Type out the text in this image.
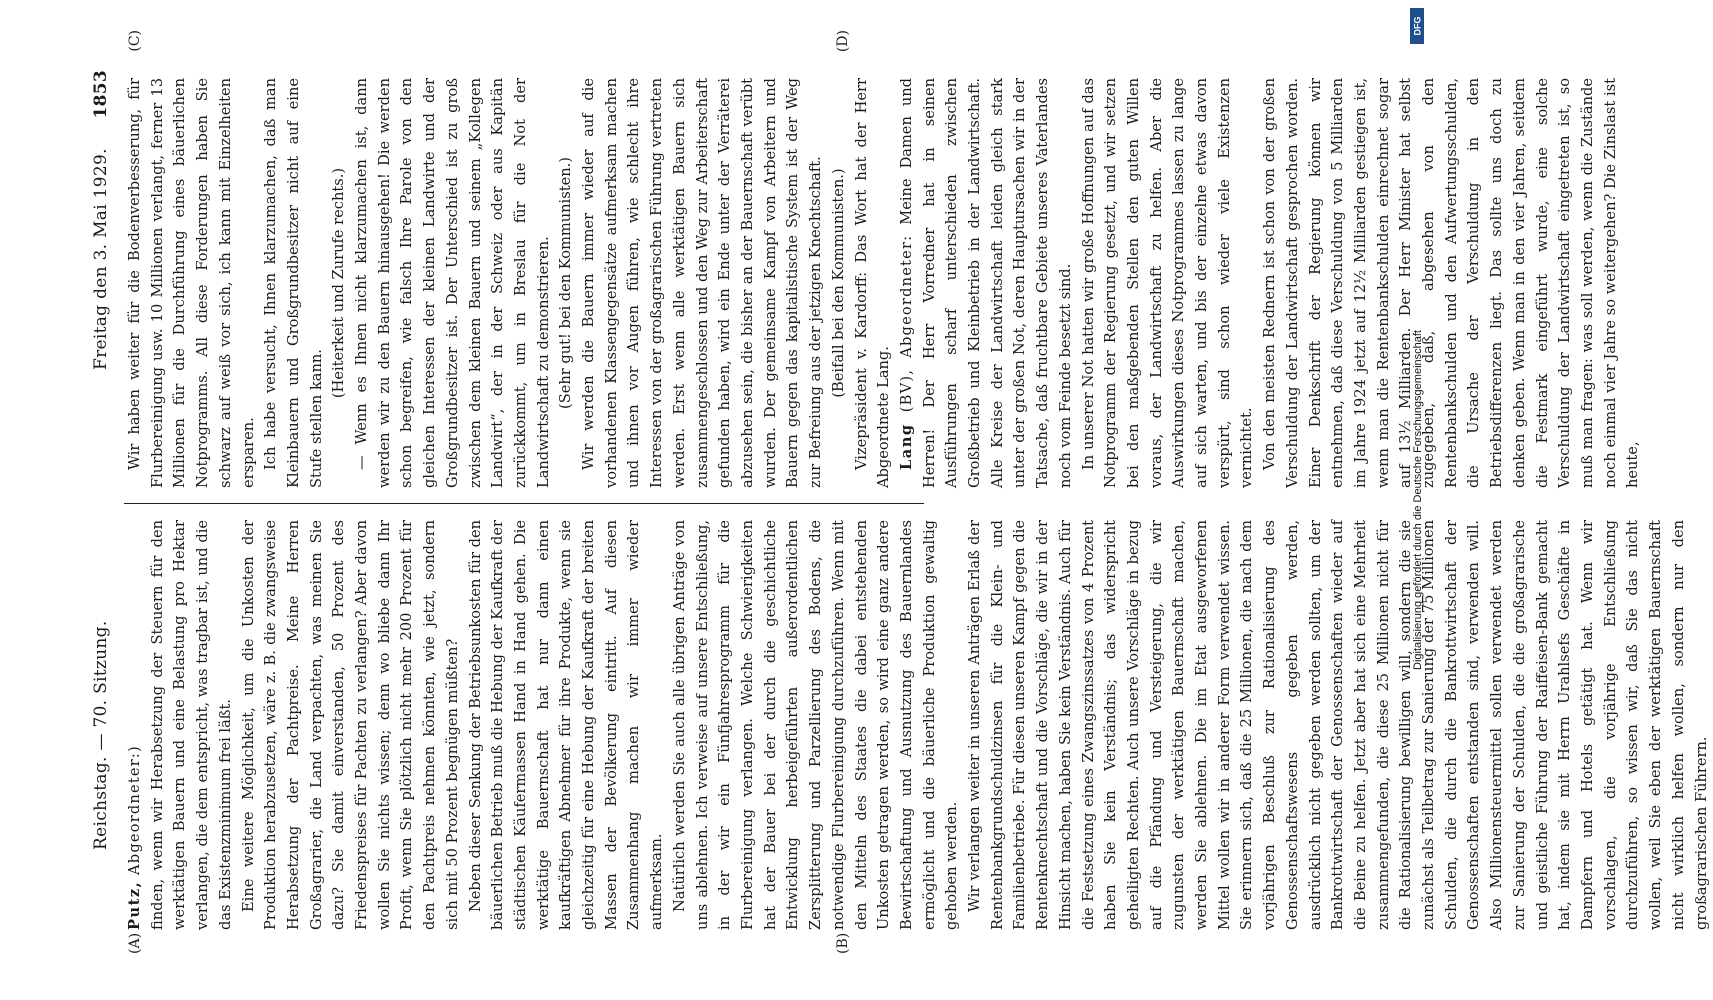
Reichstag. — 70. Sitzung.
Freitag den 3. Mai 1929.
1853
(A)	(B)
(C)	(D)

Putz, Abgeordneter:) finden, wenn wir Herabsetzung der Steuern für den werktätigen Bauern und eine Belastung pro Hektar verlangen, die dem entspricht, was tragbar ist, und die das Existenzminimum frei läßt. Eine weitere Möglichkeit, um die Unkosten der Produktion herabzusetzen, wäre z. B. die zwangsweise Herabsetzung der Pachtpreise. Meine Herren Großagrarier, die Land verpachten, was meinen Sie dazu? Sie damit einverstanden, 50 Prozent des Friedenspreises für Pachten zu verlangen? Aber davon wollen Sie nichts wissen; denn wo bliebe dann Ihr Profit, wenn Sie plötzlich nicht mehr 200 Prozent für den Pachtpreis nehmen könnten, wie jetzt, sondern sich mit 50 Prozent begnügen müßten? Neben dieser Senkung der Betriebsunkosten für den bäuerlichen Betrieb muß die Hebung der Kaufkraft der städtischen Käufermassen Hand in Hand gehen. Die werktätige Bauernschaft hat nur dann einen kaufkräftigen Abnehmer für ihre Produkte, wenn sie gleichzeitig für eine Hebung der Kaufkraft der breiten Massen der Bevölkerung eintritt. Auf diesen Zusammenhang machen wir immer wieder aufmerksam. Natürlich werden Sie auch alle übrigen Anträge von uns ablehnen. Ich verweise auf unsere Entschließung, in der wir ein Fünfjahresprogramm für die Flurbereinigung verlangen. Welche Schwierigkeiten hat der Bauer bei der durch die geschichtliche Entwicklung herbeigeführten außerordentlichen Zersplitterung und Parzellierung des Bodens, die notwendige Flurbereinigung durchzuführen. Wenn mit den Mitteln des Staates die dabei entstehenden Unkosten getragen werden, so wird eine ganz andere Bewirtschaftung und Ausnutzung des Bauernlandes ermöglicht und die bäuerliche Produktion gewaltig gehoben werden. Wir verlangen weiter in unseren Anträgen Erlaß der Rentenbankgrundschuldzinsen für die Klein- und Familienbetriebe. Für diesen unseren Kampf gegen die Rentenknechtschaft und die Vorschläge, die wir in der Hinsicht machen, haben Sie kein Verständnis. Auch für die Festsetzung eines Zwangszinssatzes von 4 Prozent haben Sie kein Verständnis; das widerspricht geheiligten Rechten. Auch unsere Vorschläge in bezug auf die Pfändung und Versteigerung, die wir zugunsten der werktätigen Bauernschaft machen, werden Sie ablehnen. Die im Etat ausgeworfenen Mittel wollen wir in anderer Form verwendet wissen. Sie erinnern sich, daß die 25 Millionen, die nach dem vorjährigen Beschluß zur Rationalisierung des Genossenschaftswesens gegeben werden, ausdrücklich nicht gegeben werden sollten, um der Bankrottwirtschaft der Genossenschaften wieder auf die Beine zu helfen. Jetzt aber hat sich eine Mehrheit zusammengefunden, die diese 25 Millionen nicht für die Rationalisierung bewilligen will, sondern die sie zunächst als Teilbetrag zur Sanierung der 75 Millionen Schulden, die durch die Bankrottwirtschaft der Genossenschaften entstanden sind, verwenden will. Also Millionensteuermittel sollen verwendet werden zur Sanierung der Schulden, die die großagrarische und geistliche Führung der Raiffeisen-Bank gemacht hat, indem sie mit Herrn Urahlsefs Geschäfte in Dampfern und Hotels getätigt hat. Wenn wir vorschlagen, die vorjährige Entschließung durchzuführen, so wissen wir, daß Sie das nicht wollen, weil Sie eben der werktätigen Bauernschaft nicht wirklich helfen wollen, sondern nur den großagrarischen Führern.

Wir haben weiter für die Bodenverbesserung, für Flurbereinigung usw. 10 Millionen verlangt, ferner 13 Millionen für die Durchführung eines bäuerlichen Notprogramms. All diese Forderungen haben Sie schwarz auf weiß vor sich, ich kann mit Einzelheiten ersparen. Ich habe versucht, Ihnen klarzumachen, daß man Kleinbauern und Großgrundbesitzer nicht auf eine Stufe stellen kann.

(Heiterkeit und Zurufe rechts.) — Wenn es Ihnen nicht klarzumachen ist, dann werden wir zu den Bauern hinausgehen! Die werden schon begreifen, wie falsch Ihre Parole von den gleichen Interessen der kleinen Landwirte und der Großgrundbesitzer ist. Der Unterschied ist zu groß zwischen dem kleinen Bauern und seinem „Kollegen Landwirt“, der in der Schweiz oder aus Kapitän zurückkommt, um in Breslau für die Not der Landwirtschaft zu demonstrieren. (Sehr gut! bei den Kommunisten.) Wir werden die Bauern immer wieder auf die vorhandenen Klassengegensätze aufmerksam machen und ihnen vor Augen führen, wie schlecht ihre Interessen von der großagrarischen Führung vertreten werden. Erst wenn alle werktätigen Bauern sich zusammengeschlossen und den Weg zur Arbeiterschaft gefunden haben, wird ein Ende unter der Verräterei abzusehen sein, die bisher an der Bauernschaft verübt wurden. Der gemeinsame Kampf von Arbeitern und Bauern gegen das kapitalistische System ist der Weg zur Befreiung aus der jetzigen Knechtschaft. (Beifall bei den Kommunisten.) Vizepräsident v. Kardorff: Das Wort hat der Herr Abgeordnete Lang. Lang (BV), Abgeordneter: Meine Damen und Herren! Der Herr Vorredner hat in seinen Ausführungen scharf unterschieden zwischen Großbetrieb und Kleinbetrieb in der Landwirtschaft. Alle Kreise der Landwirtschaft leiden gleich stark unter der großen Not, deren Hauptursachen wir in der Tatsache, daß fruchtbare Gebiete unseres Vaterlandes noch vom Feinde besetzt sind. In unserer Not hatten wir große Hoffnungen auf das Notprogramm der Regierung gesetzt, und wir setzen bei den maßgebenden Stellen den guten Willen voraus, der Landwirtschaft zu helfen. Aber die Auswirkungen dieses Notprogrammes lassen zu lange auf sich warten, und bis der einzelne etwas davon verspürt, sind schon wieder viele Existenzen vernichtet. Von den meisten Rednern ist schon von der großen Verschuldung der Landwirtschaft gesprochen worden. Einer Denkschrift der Regierung können wir entnehmen, daß diese Verschuldung von 5 Milliarden im Jahre 1924 jetzt auf 12½ Milliarden gestiegen ist, wenn man die Rentenbankschulden einrechnet sogar auf 13½ Milliarden. Der Herr Minister hat selbst zugegeben, daß, abgesehen von den Rentenbankschulden und den Aufwertungsschulden, die Ursache der Verschuldung in den Betriebsdifferenzen liegt. Das sollte uns doch zu denken geben. Wenn man in den vier Jahren, seitdem die Festmark eingeführt wurde, eine solche Verschuldung der Landwirtschaft eingetreten ist, so muß man fragen: was soll werden, wenn die Zustände noch einmal vier Jahre so weitergehen? Die Zinslast ist heute,

Digitalisierung gefördert durch die Deutsche Forschungsgemeinschaft
DFG
